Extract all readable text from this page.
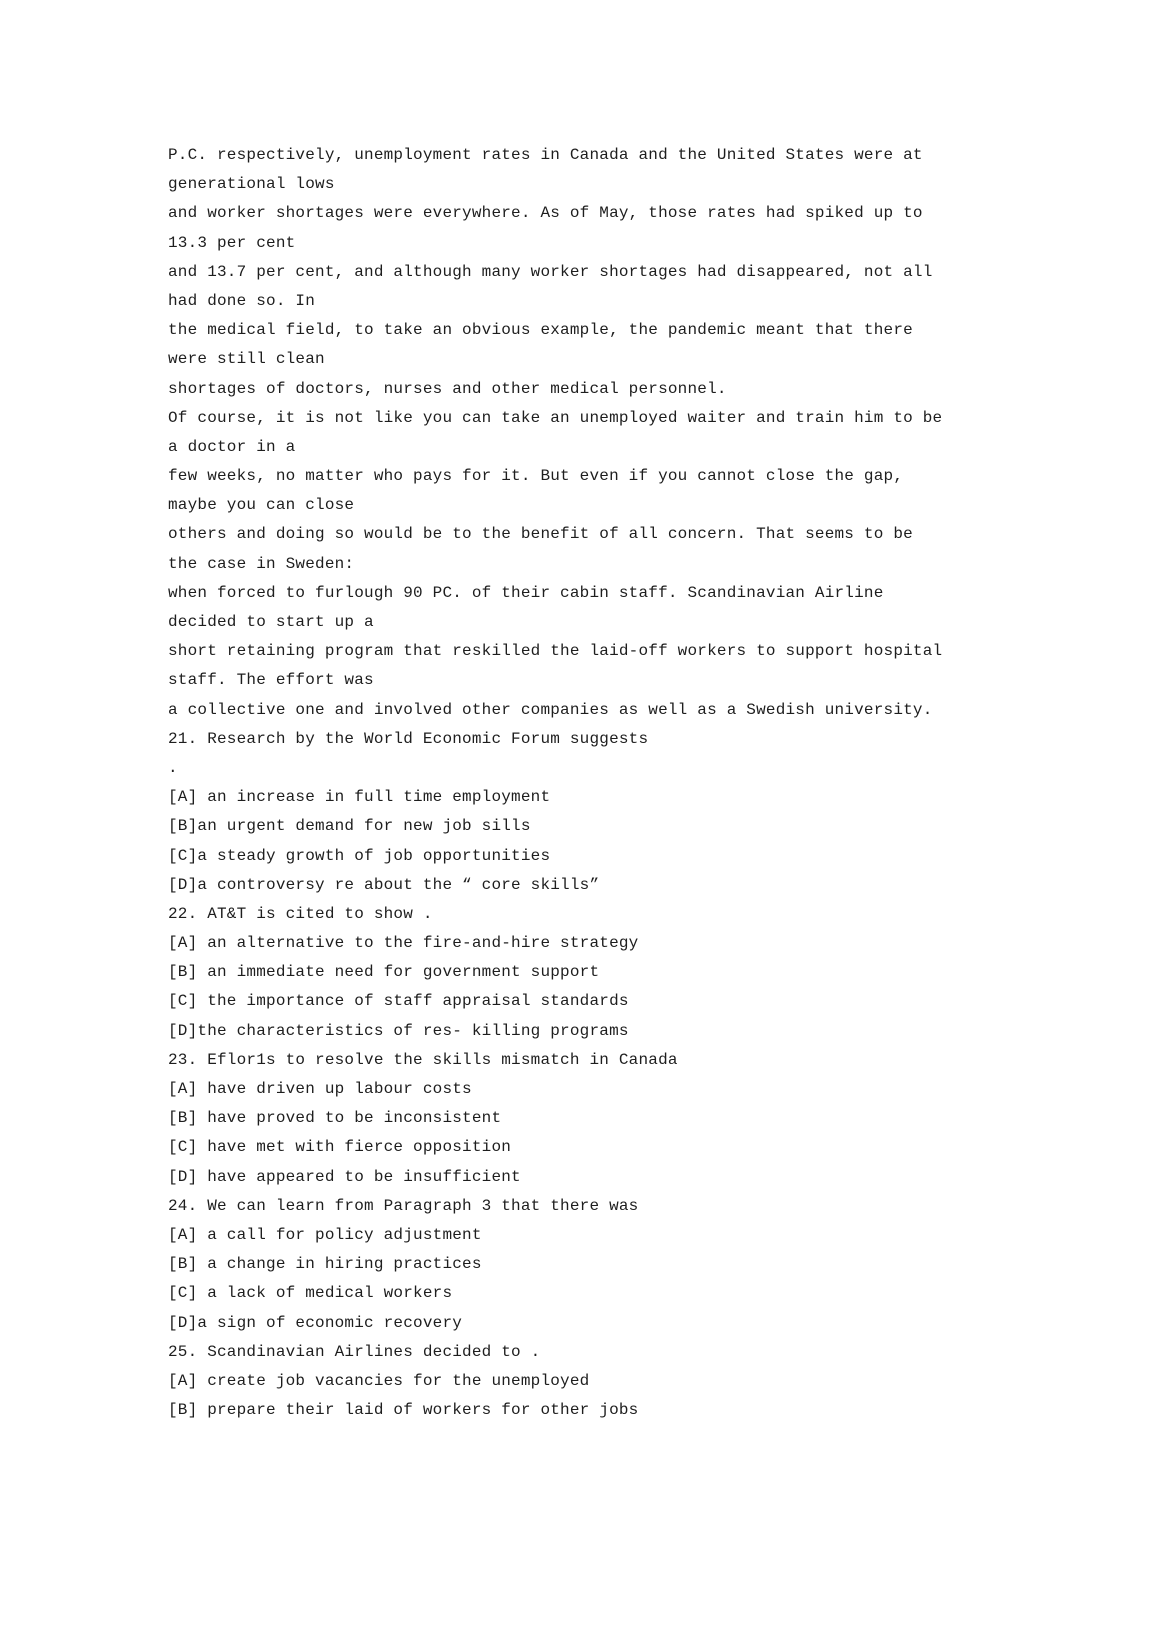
P.C. respectively, unemployment rates in Canada and the United States were at
generational lows
and worker shortages were everywhere. As of May, those rates had spiked up to
13.3 per cent
and 13.7 per cent, and although many worker shortages had disappeared, not all
had done so. In
the medical field, to take an obvious example, the pandemic meant that there
were still clean
shortages of doctors, nurses and other medical personnel.
Of course, it is not like you can take an unemployed waiter and train him to be
a doctor in a
few weeks, no matter who pays for it. But even if you cannot close the gap,
maybe you can close
others and doing so would be to the benefit of all concern. That seems to be
the case in Sweden:
when forced to furlough 90 PC. of their cabin staff. Scandinavian Airline
decided to start up a
short retaining program that reskilled the laid-off workers to support hospital
staff. The effort was
a collective one and involved other companies as well as a Swedish university.
21. Research by the World Economic Forum suggests
.
[A] an increase in full time employment
[B]an urgent demand for new job sills
[C]a steady growth of job opportunities
[D]a controversy re about the “ core skills”
22. AT&T is cited to show .
[A] an alternative to the fire-and-hire strategy
[B] an immediate need for government support
[C] the importance of staff appraisal standards
[D]the characteristics of res- killing programs
23. Eflor1s to resolve the skills mismatch in Canada
[A] have driven up labour costs
[B] have proved to be inconsistent
[C] have met with fierce opposition
[D] have appeared to be insufficient
24. We can learn from Paragraph 3 that there was
[A] a call for policy adjustment
[B] a change in hiring practices
[C] a lack of medical workers
[D]a sign of economic recovery
25. Scandinavian Airlines decided to .
[A] create job vacancies for the unemployed
[B] prepare their laid of workers for other jobs
